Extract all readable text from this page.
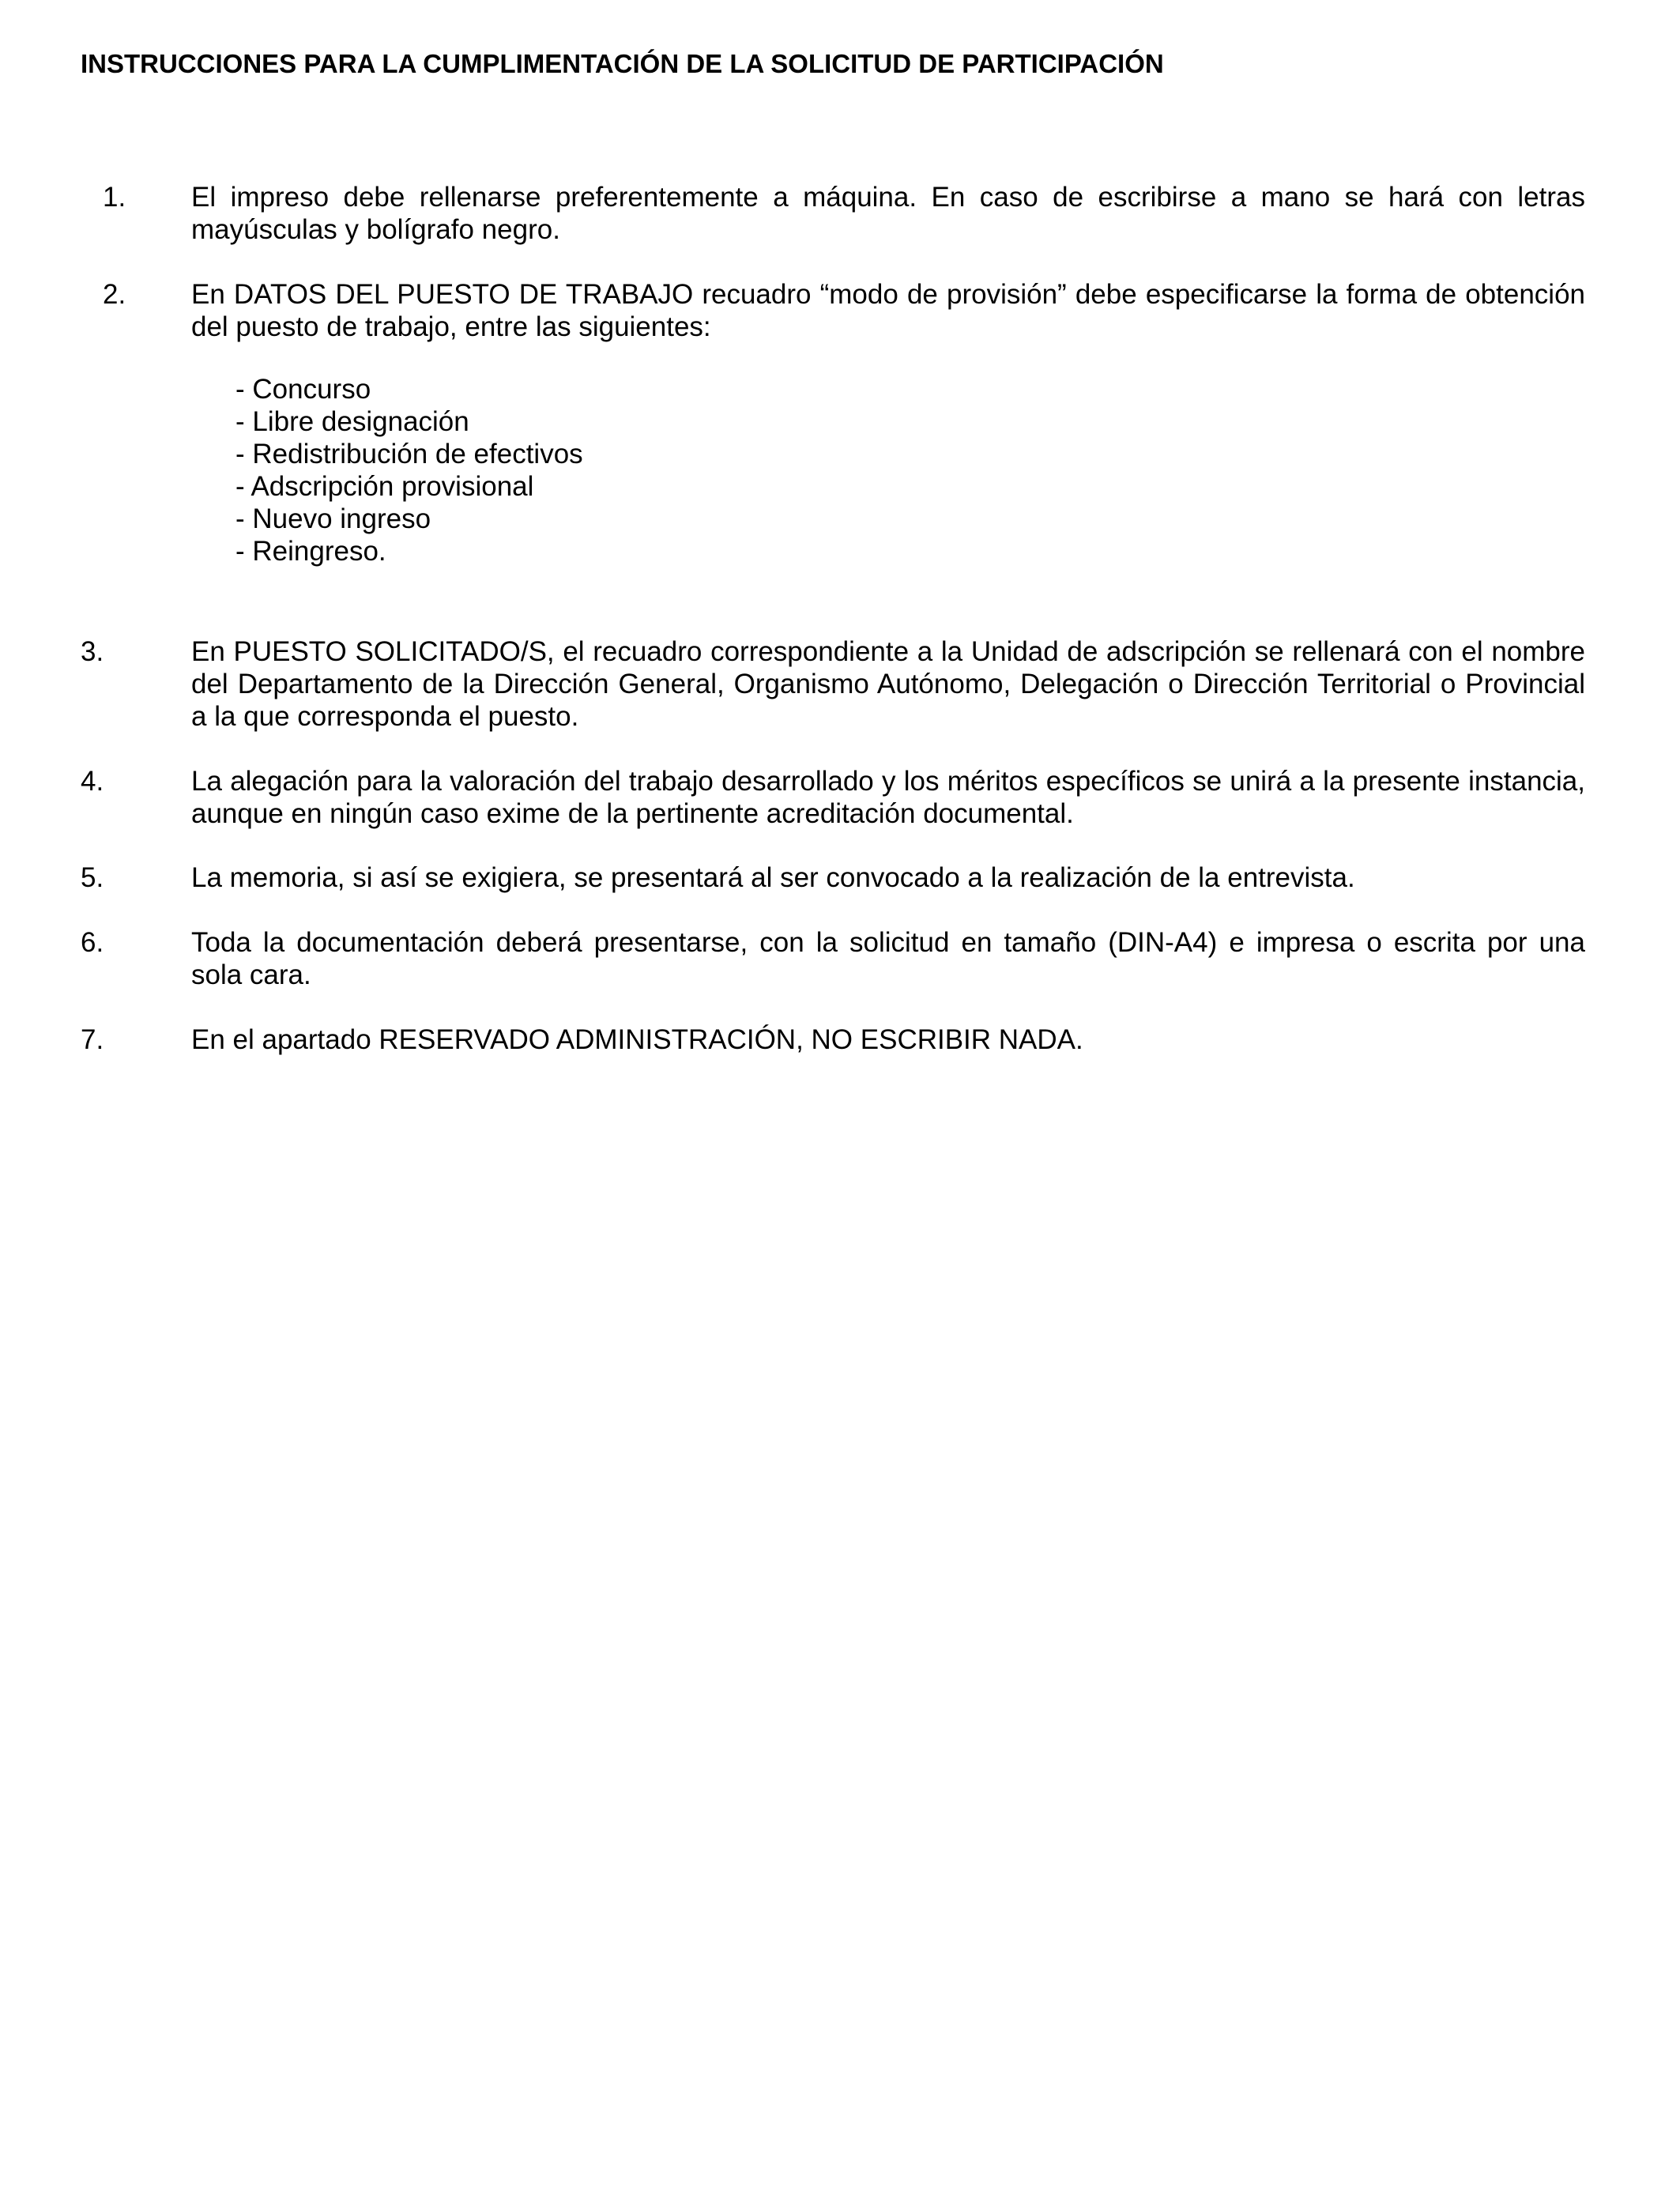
INSTRUCCIONES PARA LA CUMPLIMENTACIÓN DE LA SOLICITUD DE PARTICIPACIÓN
1. El impreso debe rellenarse preferentemente a máquina. En caso de escribirse a mano se hará con letras
mayúsculas y bolígrafo negro.
2. En DATOS DEL PUESTO DE TRABAJO recuadro “modo de provisión” debe especificarse la forma de obtención
del puesto de trabajo, entre las siguientes:
- Concurso
- Libre designación
- Redistribución de efectivos
- Adscripción provisional
- Nuevo ingreso
- Reingreso.
3.	En PUESTO SOLICITADO/S, el recuadro correspondiente a la Unidad de adscripción se rellenará con el nombre
del Departamento de la Dirección General, Organismo Autónomo, Delegación o Dirección Territorial o Provincial
a la que corresponda el puesto.
4.	La alegación para la valoración del trabajo desarrollado y los méritos específicos se unirá a la presente instancia,
aunque en ningún caso exime de la pertinente acreditación documental.
5.	La memoria, si así se exigiera, se presentará al ser convocado a la realización de la entrevista.
6.	Toda la documentación deberá presentarse, con la solicitud en tamaño (DIN-A4) e impresa o escrita por una
sola cara.
7.	En el apartado RESERVADO ADMINISTRACIÓN, NO ESCRIBIR NADA.
